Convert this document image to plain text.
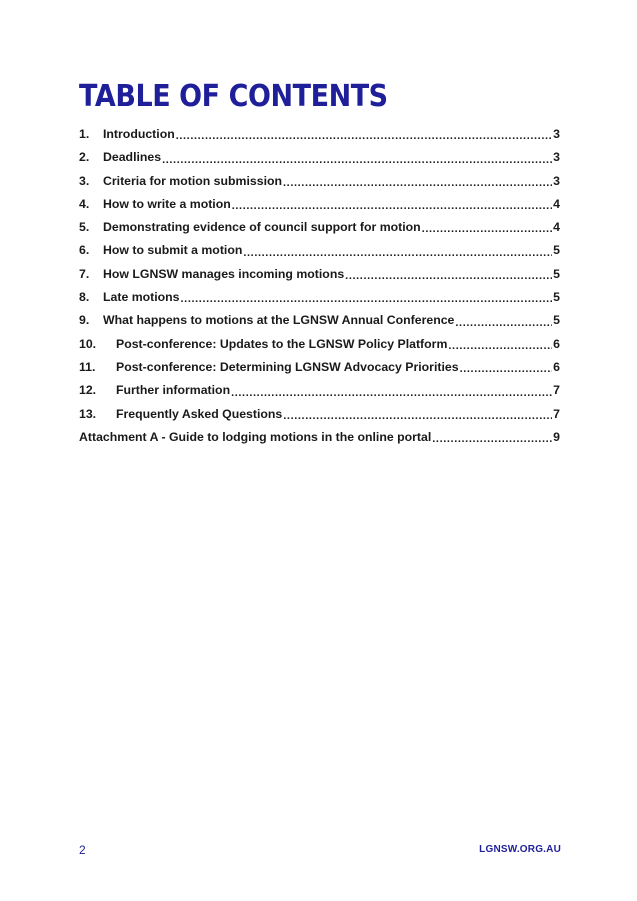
TABLE OF CONTENTS
1.	Introduction .....	3
2.	Deadlines .....	3
3.	Criteria for motion submission .....	3
4.	How to write a motion .....	4
5.	Demonstrating evidence of council support for motion .....	4
6.	How to submit a motion .....	5
7.	How LGNSW manages incoming motions .....	5
8.	Late motions .....	5
9.	What happens to motions at the LGNSW Annual Conference .....	5
10.	Post-conference: Updates to the LGNSW Policy Platform .....	6
11.	Post-conference: Determining LGNSW Advocacy Priorities .....	6
12.	Further information .....	7
13.	Frequently Asked Questions .....	7
Attachment A - Guide to lodging motions in the online portal .....	9
2	LGNSW.ORG.AU
